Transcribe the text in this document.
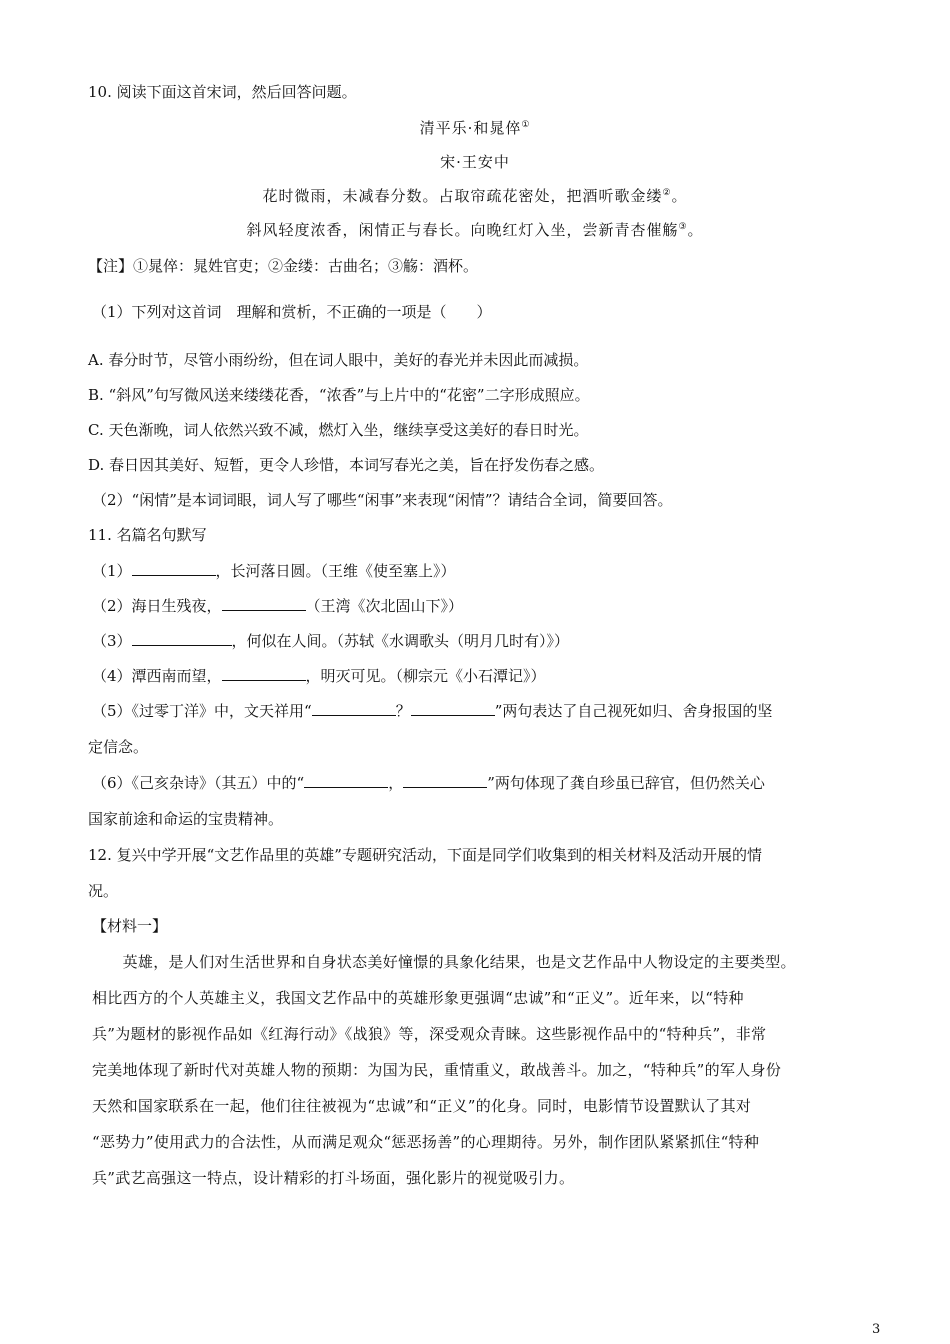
10. 阅读下面这首宋词，然后回答问题。
清平乐·和晁倅①
宋·王安中
花时微雨，未减春分数。占取帘疏花密处，把酒听歌金缕②。
斜风轻度浓香，闲情正与春长。向晚红灯入坐，尝新青杏催觞③。
【注】①晁倅：晁姓官吏；②金缕：古曲名；③觞：酒杯。
（1）下列对这首词　理解和赏析，不正确的一项是（　　）
A. 春分时节，尽管小雨纷纷，但在词人眼中，美好的春光并未因此而减损。
B. “斜风”句写微风送来缕缕花香，“浓香”与上片中的“花密”二字形成照应。
C. 天色渐晚，词人依然兴致不减，燃灯入坐，继续享受这美好的春日时光。
D. 春日因其美好、短暂，更令人珍惜，本词写春光之美，旨在抒发伤春之感。
（2）“闲情”是本词词眼，词人写了哪些“闲事”来表现“闲情”？请结合全词，简要回答。
11. 名篇名句默写
（1）	，长河落日圆。（王维《使至塞上》）
（2）海日生残夜，	（王湾《次北固山下》）
（3）	，何似在人间。（苏轼《水调歌头（明月几时有）》）
（4）潭西南而望，	，明灭可见。（柳宗元《小石潭记》）
（5）《过零丁洋》中，文天祥用“	？	”两句表达了自己视死如归、舍身报国的坚
定信念。
（6）《己亥杂诗》（其五）中的“	，	”两句体现了龚自珍虽已辞官，但仍然关心
国家前途和命运的宝贵精神。
12. 复兴中学开展“文艺作品里的英雄”专题研究活动，下面是同学们收集到的相关材料及活动开展的情
况。
【材料一】
　　英雄，是人们对生活世界和自身状态美好憧憬的具象化结果，也是文艺作品中人物设定的主要类型。
相比西方的个人英雄主义，我国文艺作品中的英雄形象更强调“忠诚”和“正义”。近年来，以“特种
兵”为题材的影视作品如《红海行动》《战狼》等，深受观众青睐。这些影视作品中的“特种兵”，非常
完美地体现了新时代对英雄人物的预期：为国为民，重情重义，敢战善斗。加之，“特种兵”的军人身份
天然和国家联系在一起，他们往往被视为“忠诚”和“正义”的化身。同时，电影情节设置默认了其对
“恶势力”使用武力的合法性，从而满足观众“惩恶扬善”的心理期待。另外，制作团队紧紧抓住“特种
兵”武艺高强这一特点，设计精彩的打斗场面，强化影片的视觉吸引力。
3
